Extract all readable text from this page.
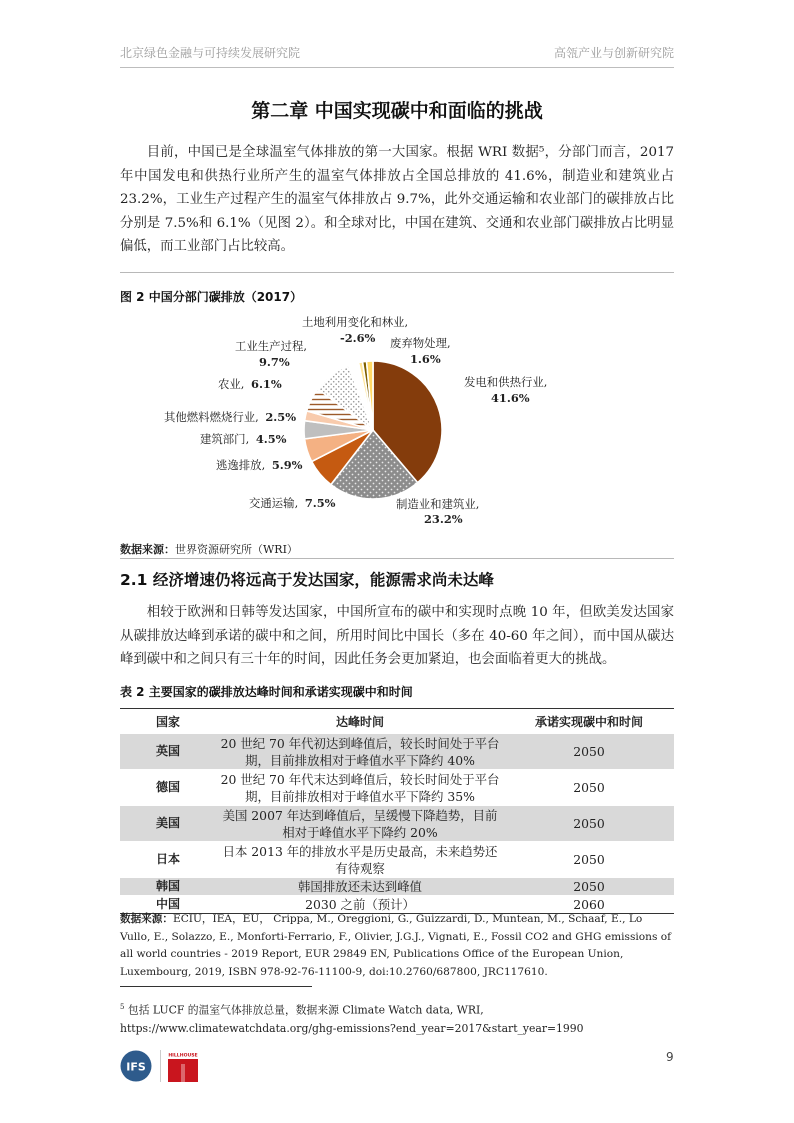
北京绿色金融与可持续发展研究院	高瓴产业与创新研究院
第二章 中国实现碳中和面临的挑战
目前，中国已是全球温室气体排放的第一大国家。根据 WRI 数据⁵，分部门而言，2017 年中国发电和供热行业所产生的温室气体排放占全国总排放的 41.6%，制造业和建筑业占 23.2%，工业生产过程产生的温室气体排放占 9.7%，此外交通运输和农业部门的碳排放占比分别是 7.5%和 6.1%（见图 2）。和全球对比，中国在建筑、交通和农业部门碳排放占比明显偏低，而工业部门占比较高。
图 2 中国分部门碳排放（2017）
发电和供热行业,
41.6%
制造业和建筑业,
23.2%
交通运输, 7.5%
逃逸排放, 5.9%
建筑部门, 4.5%
其他燃料燃烧行业, 2.5%
农业, 6.1%
工业生产过程,
9.7%
土地利用变化和林业,
-2.6% 废弃物处理,
1.6%
数据来源：世界资源研究所（WRI）
2.1 经济增速仍将远高于发达国家，能源需求尚未达峰
相较于欧洲和日韩等发达国家，中国所宣布的碳中和实现时点晚 10 年，但欧美发达国家从碳排放达峰到承诺的碳中和之间，所用时间比中国长（多在 40-60 年之间），而中国从碳达峰到碳中和之间只有三十年的时间，因此任务会更加紧迫，也会面临着更大的挑战。
表 2 主要国家的碳排放达峰时间和承诺实现碳中和时间
国家	达峰时间	承诺实现碳中和时间
英国	20 世纪 70 年代初达到峰值后，较长时间处于平台期，目前排放相对于峰值水平下降约 40%	2050
德国	20 世纪 70 年代末达到峰值后，较长时间处于平台期，目前排放相对于峰值水平下降约 35%	2050
美国	美国 2007 年达到峰值后，呈缓慢下降趋势，目前相对于峰值水平下降约 20%	2050
日本	日本 2013 年的排放水平是历史最高，未来趋势还有待观察	2050
韩国	韩国排放还未达到峰值	2050
中国	2030 之前（预计）	2060
数据来源：ECIU，IEA，EU， Crippa, M., Oreggioni, G., Guizzardi, D., Muntean, M., Schaaf, E., Lo Vullo, E., Solazzo, E., Monforti-Ferrario, F., Olivier, J.G.J., Vignati, E., Fossil CO2 and GHG emissions of all world countries - 2019 Report, EUR 29849 EN, Publications Office of the European Union, Luxembourg, 2019, ISBN 978-92-76-11100-9, doi:10.2760/687800, JRC117610.
$^5$ 包括 LUCF 的温室气体排放总量，数据来源 Climate Watch data, WRI, https://www.climatewatchdata.org/ghg-emissions?end_year=2017&start_year=1990
IFS
HILLHOUSE	9
